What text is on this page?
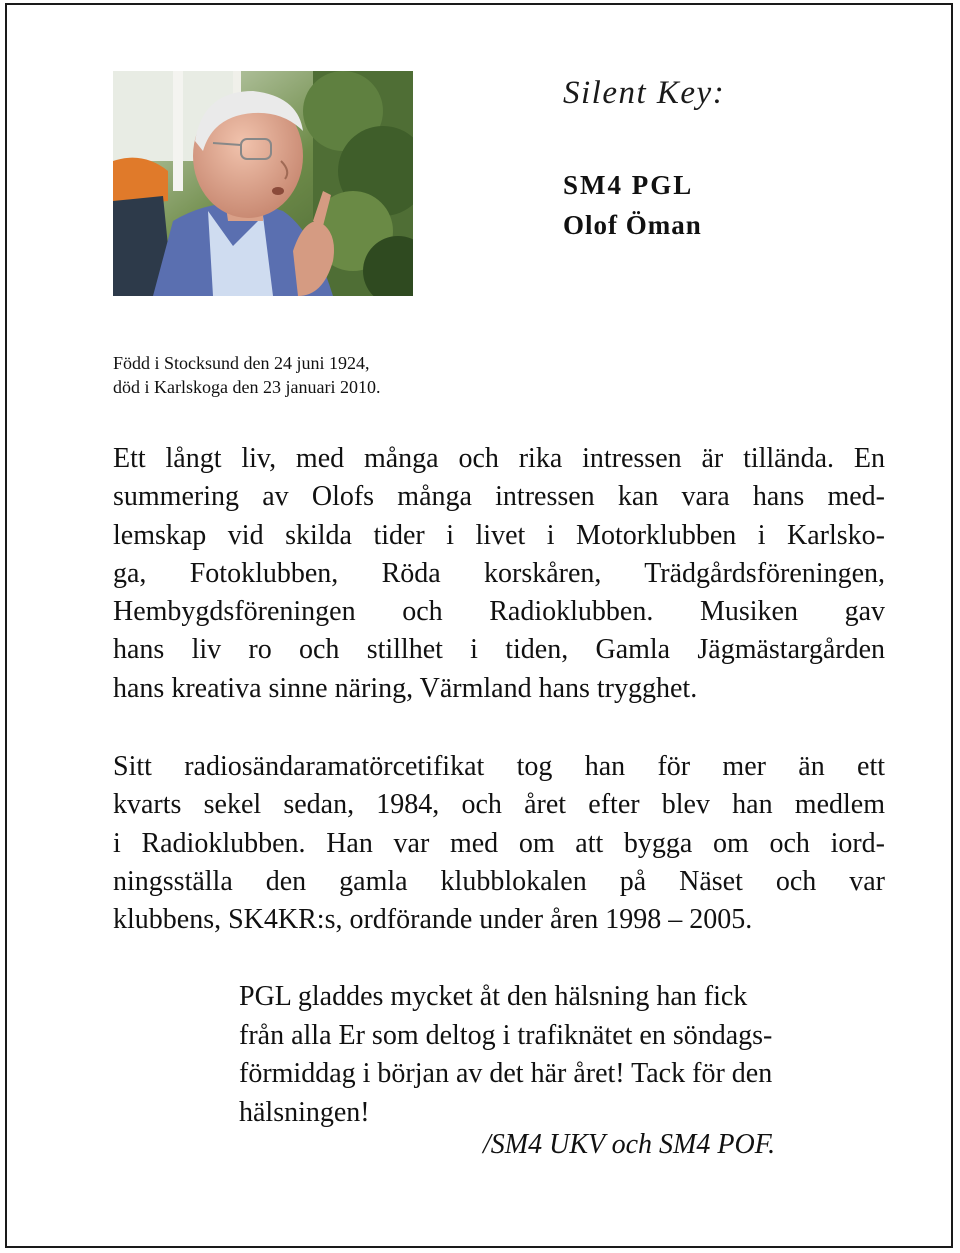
Silent Key:
SM4 PGL
Olof Öman
Född i Stocksund den 24 juni 1924,
död i Karlskoga den 23 januari 2010.
Ett långt liv, med många och rika intressen är tillända. En
summering av Olofs många intressen kan vara hans med-
lemskap vid skilda tider i livet i Motorklubben i Karlsko-
ga, Fotoklubben, Röda korskåren, Trädgårdsföreningen,
Hembygdsföreningen och Radioklubben. Musiken gav
hans liv ro och stillhet i tiden, Gamla Jägmästargården
hans kreativa sinne näring, Värmland hans trygghet.
Sitt radiosändaramatörcetifikat tog han för mer än ett
kvarts sekel sedan, 1984, och året efter blev han medlem
i Radioklubben. Han var med om att bygga om och iord-
ningsställa den gamla klubblokalen på Näset och var
klubbens, SK4KR:s, ordförande under åren 1998 – 2005.
PGL gladdes mycket åt den hälsning han fick
från alla Er som deltog i trafiknätet en söndags-
förmiddag i början av det här året! Tack för den
hälsningen!
/SM4 UKV och SM4 POF.
